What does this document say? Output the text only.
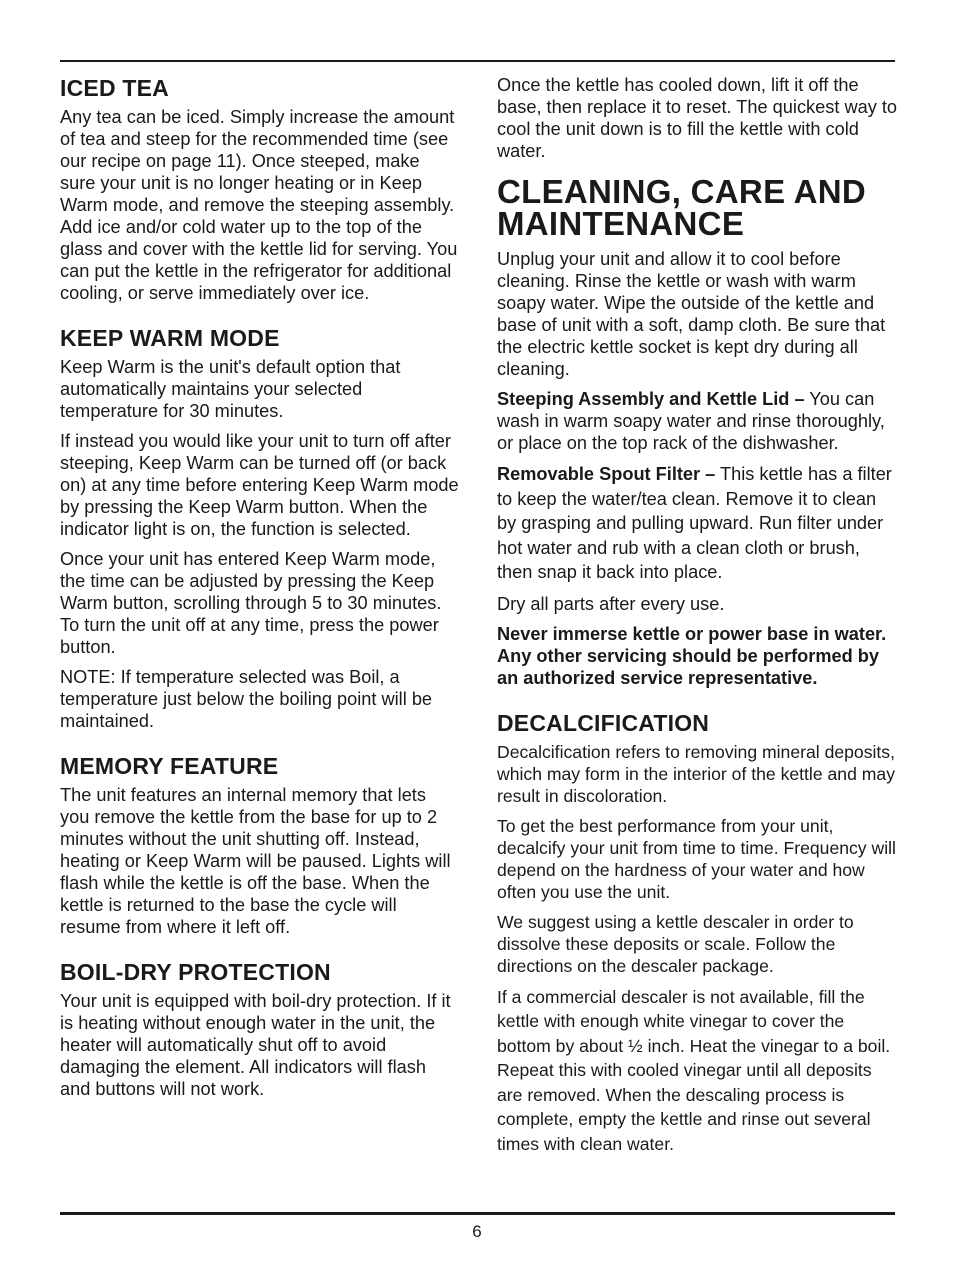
ICED TEA

Any tea can be iced. Simply increase the amount of tea and steep for the recommended time (see our recipe on page 11). Once steeped, make sure your unit is no longer heating or in Keep Warm mode, and remove the steeping assembly. Add ice and/or cold water up to the top of the glass and cover with the kettle lid for serving. You can put the kettle in the refrigerator for additional cooling, or serve immediately over ice.

KEEP WARM MODE

Keep Warm is the unit's default option that automatically maintains your selected temperature for 30 minutes.

If instead you would like your unit to turn off after steeping, Keep Warm can be turned off (or back on) at any time before entering Keep Warm mode by pressing the Keep Warm button. When the indicator light is on, the function is selected.

Once your unit has entered Keep Warm mode, the time can be adjusted by pressing the Keep Warm button, scrolling through 5 to 30 minutes. To turn the unit off at any time, press the power button.

NOTE: If temperature selected was Boil, a temperature just below the boiling point will be maintained.

MEMORY FEATURE

The unit features an internal memory that lets you remove the kettle from the base for up to 2 minutes without the unit shutting off. Instead, heating or Keep Warm will be paused. Lights will flash while the kettle is off the base. When the kettle is returned to the base the cycle will resume from where it left off.

BOIL-DRY PROTECTION

Your unit is equipped with boil-dry protection. If it is heating without enough water in the unit, the heater will automatically shut off to avoid damaging the element. All indicators will flash and buttons will not work.

Once the kettle has cooled down, lift it off the base, then replace it to reset. The quickest way to cool the unit down is to fill the kettle with cold water.

CLEANING, CARE AND MAINTENANCE

Unplug your unit and allow it to cool before cleaning. Rinse the kettle or wash with warm soapy water. Wipe the outside of the kettle and base of unit with a soft, damp cloth. Be sure that the electric kettle socket is kept dry during all cleaning.

Steeping Assembly and Kettle Lid – You can wash in warm soapy water and rinse thoroughly, or place on the top rack of the dishwasher.

Removable Spout Filter – This kettle has a filter to keep the water/tea clean. Remove it to clean by grasping and pulling upward. Run filter under hot water and rub with a clean cloth or brush, then snap it back into place.

Dry all parts after every use.

Never immerse kettle or power base in water. Any other servicing should be performed by an authorized service representative.

DECALCIFICATION

Decalcification refers to removing mineral deposits, which may form in the interior of the kettle and may result in discoloration.

To get the best performance from your unit, decalcify your unit from time to time. Frequency will depend on the hardness of your water and how often you use the unit.

We suggest using a kettle descaler in order to dissolve these deposits or scale. Follow the directions on the descaler package.

If a commercial descaler is not available, fill the kettle with enough white vinegar to cover the bottom by about ½ inch. Heat the vinegar to a boil. Repeat this with cooled vinegar until all deposits are removed. When the descaling process is complete, empty the kettle and rinse out several times with clean water.

6
